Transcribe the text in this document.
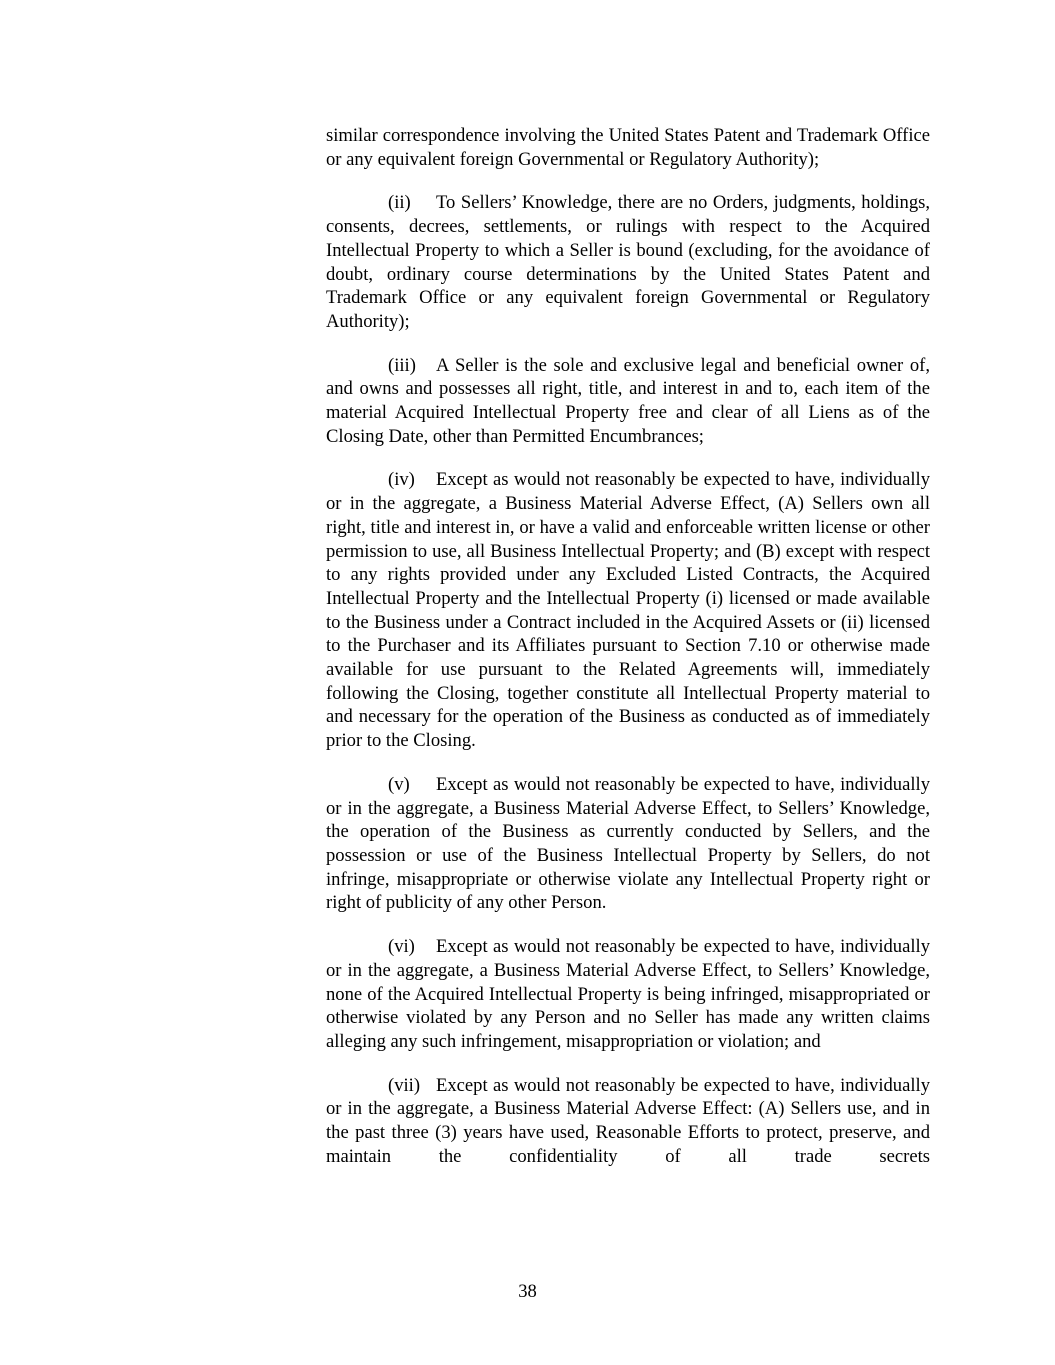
similar correspondence involving the United States Patent and Trademark Office or any equivalent foreign Governmental or Regulatory Authority);

(ii) To Sellers’ Knowledge, there are no Orders, judgments, holdings, consents, decrees, settlements, or rulings with respect to the Acquired Intellectual Property to which a Seller is bound (excluding, for the avoidance of doubt, ordinary course determinations by the United States Patent and Trademark Office or any equivalent foreign Governmental or Regulatory Authority);

(iii) A Seller is the sole and exclusive legal and beneficial owner of, and owns and possesses all right, title, and interest in and to, each item of the material Acquired Intellectual Property free and clear of all Liens as of the Closing Date, other than Permitted Encumbrances;

(iv) Except as would not reasonably be expected to have, individually or in the aggregate, a Business Material Adverse Effect, (A) Sellers own all right, title and interest in, or have a valid and enforceable written license or other permission to use, all Business Intellectual Property; and (B) except with respect to any rights provided under any Excluded Listed Contracts, the Acquired Intellectual Property and the Intellectual Property (i) licensed or made available to the Business under a Contract included in the Acquired Assets or (ii) licensed to the Purchaser and its Affiliates pursuant to Section 7.10 or otherwise made available for use pursuant to the Related Agreements will, immediately following the Closing, together constitute all Intellectual Property material to and necessary for the operation of the Business as conducted as of immediately prior to the Closing.

(v) Except as would not reasonably be expected to have, individually or in the aggregate, a Business Material Adverse Effect, to Sellers’ Knowledge, the operation of the Business as currently conducted by Sellers, and the possession or use of the Business Intellectual Property by Sellers, do not infringe, misappropriate or otherwise violate any Intellectual Property right or right of publicity of any other Person.

(vi) Except as would not reasonably be expected to have, individually or in the aggregate, a Business Material Adverse Effect, to Sellers’ Knowledge, none of the Acquired Intellectual Property is being infringed, misappropriated or otherwise violated by any Person and no Seller has made any written claims alleging any such infringement, misappropriation or violation; and

(vii) Except as would not reasonably be expected to have, individually or in the aggregate, a Business Material Adverse Effect: (A) Sellers use, and in the past three (3) years have used, Reasonable Efforts to protect, preserve, and maintain the confidentiality of all trade secrets

38
